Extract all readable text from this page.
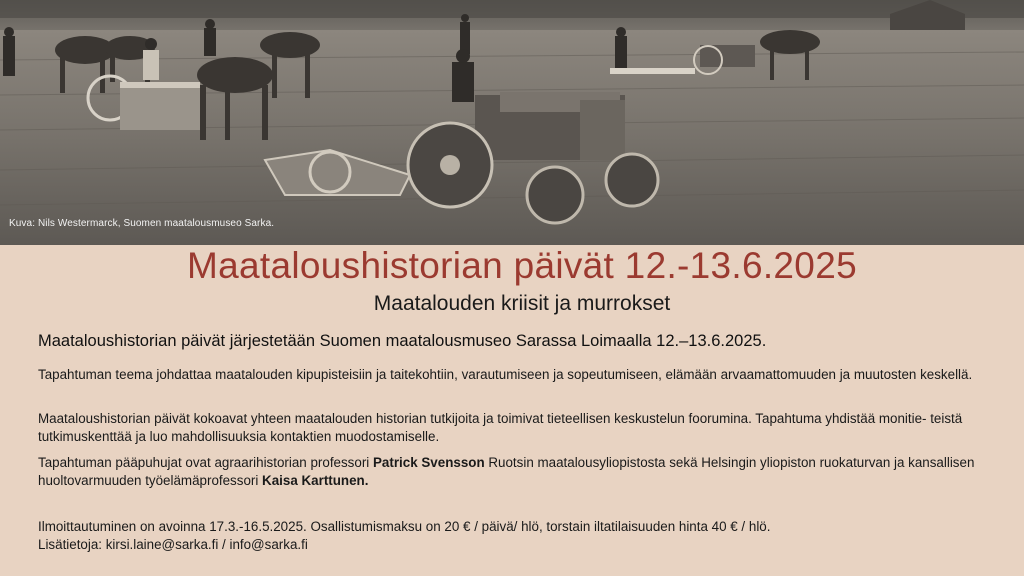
Kuva: Nils Westermarck, Suomen maatalousmuseo Sarka.
Maataloushistorian päivät 12.-13.6.2025
Maatalouden kriisit ja murrokset

Maataloushistorian päivät järjestetään Suomen maatalousmuseo Sarassa Loimaalla 12.–13.6.2025.

Tapahtuman teema johdattaa maatalouden kipupisteisiin ja taitekohtiin, varautumiseen ja sopeutumiseen, elämään arvaamattomuuden ja muutosten keskellä.

Maataloushistorian päivät kokoavat yhteen maatalouden historian tutkijoita ja toimivat tieteellisen keskustelun foorumina. Tapahtuma yhdistää monitie- teistä tutkimuskenttää ja luo mahdollisuuksia kontaktien muodostamiselle.

Tapahtuman pääpuhujat ovat agraarihistorian professori Patrick Svensson Ruotsin maatalousyliopistosta sekä Helsingin yliopiston ruokaturvan ja kansallisen huoltovarmuuden työelämäprofessori Kaisa Karttunen.

Ilmoittautuminen on avoinna 17.3.-16.5.2025. Osallistumismaksu on 20 € / päivä/ hlö, torstain iltatilaisuuden hinta 40 € / hlö.
Lisätietoja: kirsi.laine@sarka.fi / info@sarka.fi
